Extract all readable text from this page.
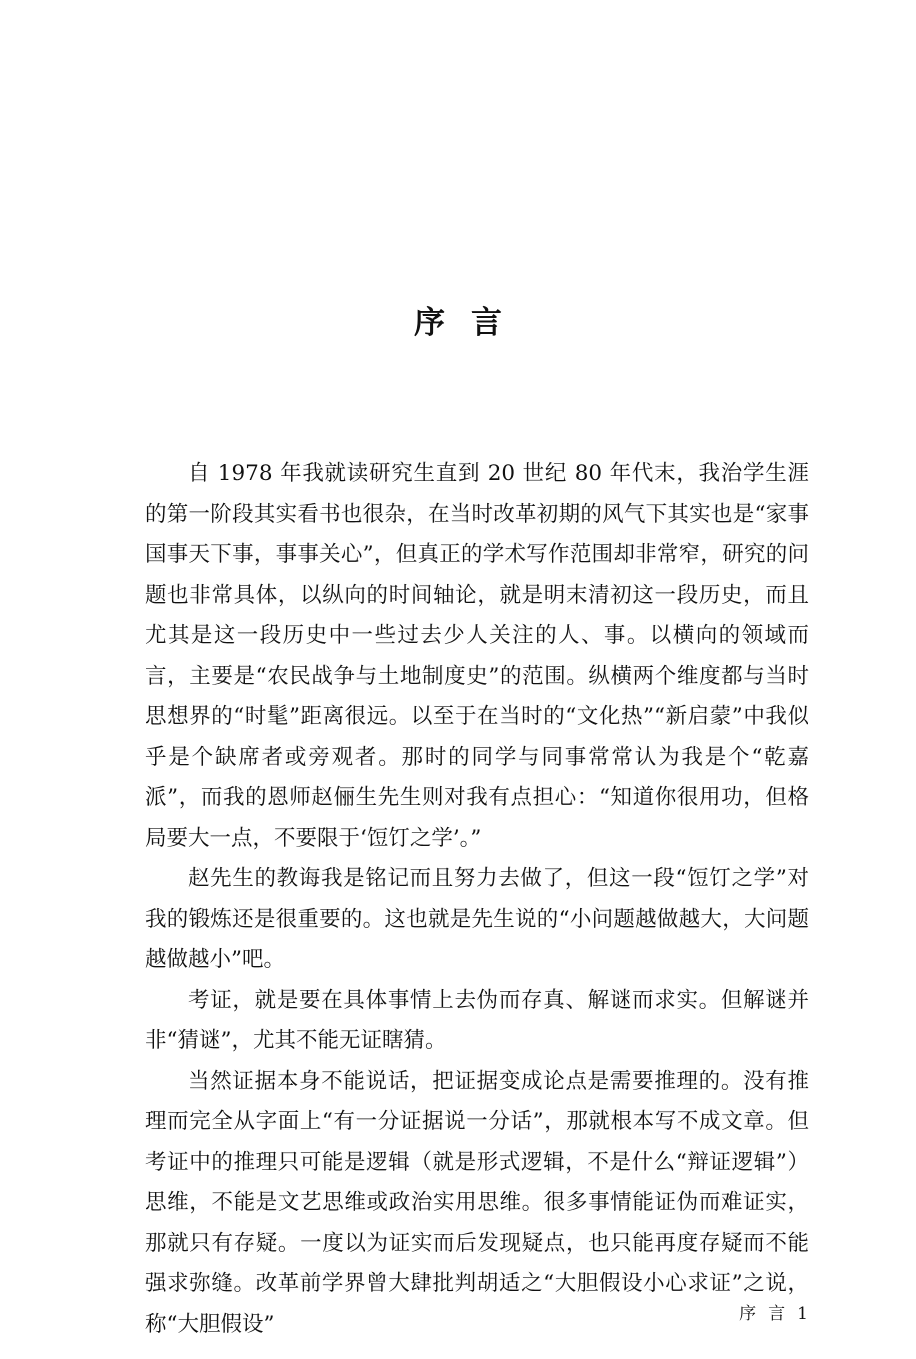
序言

自 1978 年我就读研究生直到 20 世纪 80 年代末，我治学生涯的第一阶段其实看书也很杂，在当时改革初期的风气下其实也是“家事国事天下事，事事关心”，但真正的学术写作范围却非常窄，研究的问题也非常具体，以纵向的时间轴论，就是明末清初这一段历史，而且尤其是这一段历史中一些过去少人关注的人、事。以横向的领域而言，主要是“农民战争与土地制度史”的范围。纵横两个维度都与当时思想界的“时髦”距离很远。以至于在当时的“文化热”“新启蒙”中我似乎是个缺席者或旁观者。那时的同学与同事常常认为我是个“乾嘉派”，而我的恩师赵俪生先生则对我有点担心：“知道你很用功，但格局要大一点，不要限于‘饾饤之学’。”

赵先生的教诲我是铭记而且努力去做了，但这一段“饾饤之学”对我的锻炼还是很重要的。这也就是先生说的“小问题越做越大，大问题越做越小”吧。

考证，就是要在具体事情上去伪而存真、解谜而求实。但解谜并非“猜谜”，尤其不能无证瞎猜。

当然证据本身不能说话，把证据变成论点是需要推理的。没有推理而完全从字面上“有一分证据说一分话”，那就根本写不成文章。但考证中的推理只可能是逻辑（就是形式逻辑，不是什么“辩证逻辑”）思维，不能是文艺思维或政治实用思维。很多事情能证伪而难证实，那就只有存疑。一度以为证实而后发现疑点，也只能再度存疑而不能强求弥缝。改革前学界曾大肆批判胡适之“大胆假设小心求证”之说，称“大胆假设”	序言1
